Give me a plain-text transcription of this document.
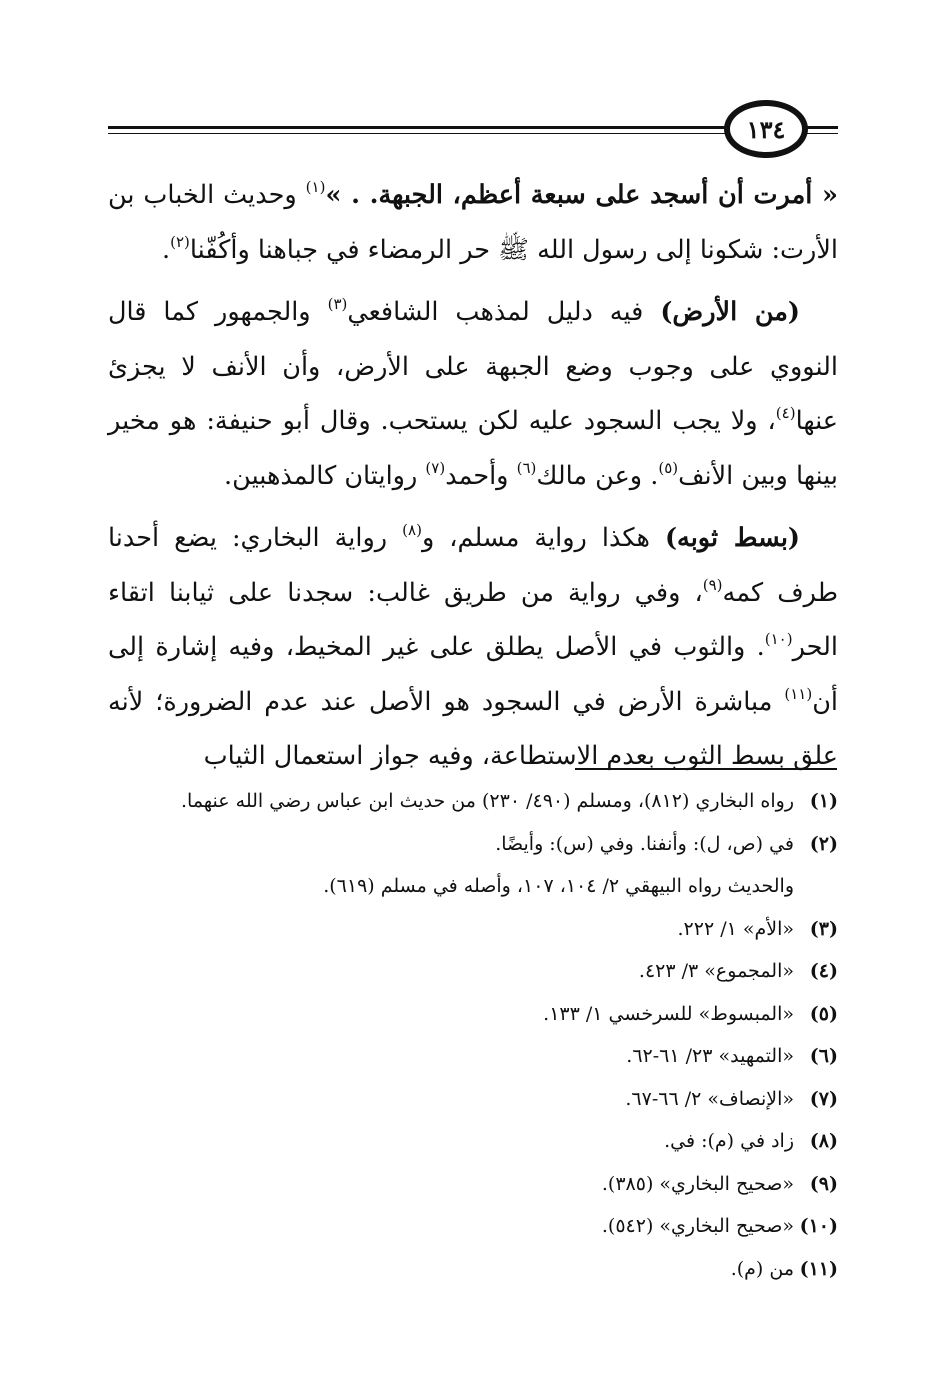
١٣٤

« أمرت أن أسجد على سبعة أعظم، الجبهة. . »$^{(١)}$ وحديث الخباب بن الأرت: شكونا إلى رسول الله ﷺ حر الرمضاء في جباهنا وأكُفّنا$^{(٢)}$.

(من الأرض) فيه دليل لمذهب الشافعي$^{(٣)}$ والجمهور كما قال النووي على وجوب وضع الجبهة على الأرض، وأن الأنف لا يجزئ عنها$^{(٤)}$، ولا يجب السجود عليه لكن يستحب. وقال أبو حنيفة: هو مخير بينها وبين الأنف$^{(٥)}$. وعن مالك$^{(٦)}$ وأحمد$^{(٧)}$ روايتان كالمذهبين.

(بسط ثوبه) هكذا رواية مسلم، و$^{(٨)}$ رواية البخاري: يضع أحدنا طرف كمه$^{(٩)}$، وفي رواية من طريق غالب: سجدنا على ثيابنا اتقاء الحر$^{(١٠)}$. والثوب في الأصل يطلق على غير المخيط، وفيه إشارة إلى أن$^{(١١)}$ مباشرة الأرض في السجود هو الأصل عند عدم الضرورة؛ لأنه علق بسط الثوب بعدم الاستطاعة، وفيه جواز استعمال الثياب

(١)
رواه البخاري (٨١٢)، ومسلم (٤٩٠/ ٢٣٠) من حديث ابن عباس رضي الله عنهما.
(٢)
في (ص، ل): وأنفنا. وفي (س): وأيضًا.
والحديث رواه البيهقي ٢/ ١٠٤، ١٠٧، وأصله في مسلم (٦١٩).
(٣)
«الأم» ١/ ٢٢٢.
(٤)
«المجموع» ٣/ ٤٢٣.
(٥)
«المبسوط» للسرخسي ١/ ١٣٣.
(٦)
«التمهيد» ٢٣/ ٦١-٦٢.
(٧)
«الإنصاف» ٢/ ٦٦-٦٧.
(٨)
زاد في (م): في.
(٩)
«صحيح البخاري» (٣٨٥).
(١٠)
«صحيح البخاري» (٥٤٢).
(١١)
من (م).
